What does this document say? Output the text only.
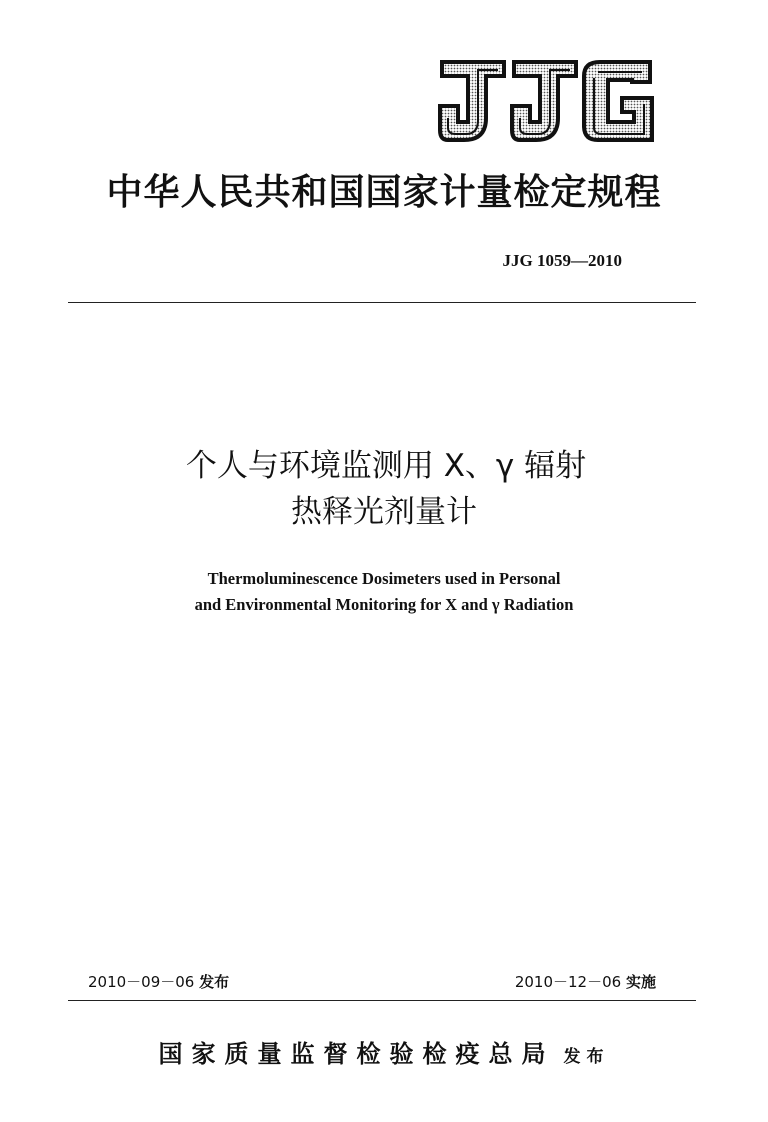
中华人民共和国国家计量检定规程
JJG 1059—2010
个人与环境监测用 X、γ 辐射
热释光剂量计
Thermoluminescence Dosimeters used in Personal
and Environmental Monitoring for X and γ Radiation
2010－09－06 发布	2010－12－06 实施
国家质量监督检验检疫总局 发布
